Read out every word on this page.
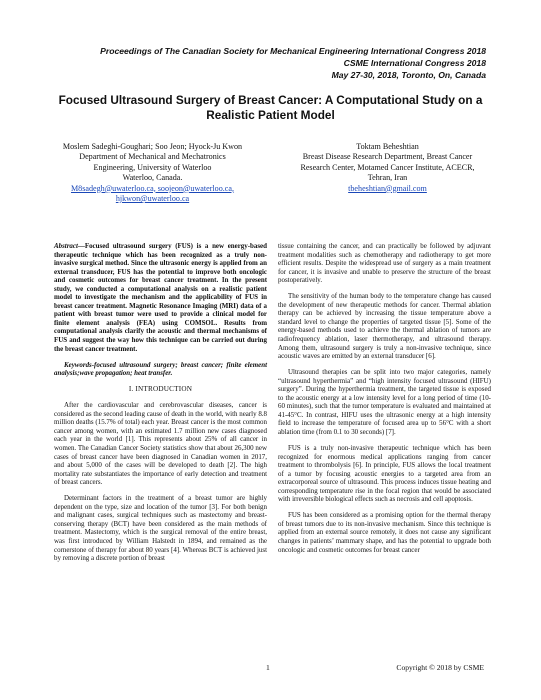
Proceedings of The Canadian Society for Mechanical Engineering International Congress 2018
CSME International Congress 2018
May 27-30, 2018, Toronto, On, Canada
Focused Ultrasound Surgery of Breast Cancer: A Computational Study on a Realistic Patient Model
Moslem Sadeghi-Goughari; Soo Jeon; Hyock-Ju Kwon
Department of Mechanical and Mechatronics
Engineering, University of Waterloo
Waterloo, Canada.
M8sadegh@uwaterloo.ca, soojeon@uwaterloo.ca,
hjkwon@uwaterloo.ca
Toktam Beheshtian
Breast Disease Research Department, Breast Cancer
Research Center, Motamed Cancer Institute, ACECR,
Tehran, Iran
tbeheshtian@gmail.com

Abstract—Focused ultrasound surgery (FUS) is a new energy-based therapeutic technique which has been recognized as a truly non-invasive surgical method. Since the ultrasonic energy is applied from an external transducer, FUS has the potential to improve both oncologic and cosmetic outcomes for breast cancer treatment. In the present study, we conducted a computational analysis on a realistic patient model to investigate the mechanism and the applicability of FUS in breast cancer treatment. Magnetic Resonance Imaging (MRI) data of a patient with breast tumor were used to provide a clinical model for finite element analysis (FEA) using COMSOL. Results from computational analysis clarify the acoustic and thermal mechanisms of FUS and suggest the way how this technique can be carried out during the breast cancer treatment.

Keywords-focused ultrasound surgery; breast cancer; finite element analysis;wave propagation; heat transfer.

I. INTRODUCTION

After the cardiovascular and cerebrovascular diseases, cancer is considered as the second leading cause of death in the world, with nearly 8.8 million deaths (15.7% of total) each year. Breast cancer is the most common cancer among women, with an estimated 1.7 million new cases diagnosed each year in the world [1]. This represents about 25% of all cancer in women. The Canadian Cancer Society statistics show that about 26,300 new cases of breast cancer have been diagnosed in Canadian women in 2017, and about 5,000 of the cases will be developed to death [2]. The high mortality rate substantiates the importance of early detection and treatment of breast cancers.

Determinant factors in the treatment of a breast tumor are highly dependent on the type, size and location of the tumor [3]. For both benign and malignant cases, surgical techniques such as mastectomy and breast-conserving therapy (BCT) have been considered as the main methods of treatment. Mastectomy, which is the surgical removal of the entire breast, was first introduced by William Halstedt in 1894, and remained as the cornerstone of therapy for about 80 years [4]. Whereas BCT is achieved just by removing a discrete portion of breast

tissue containing the cancer, and can practically be followed by adjuvant treatment modalities such as chemotherapy and radiotherapy to get more efficient results. Despite the widespread use of surgery as a main treatment for cancer, it is invasive and unable to preserve the structure of the breast postoperatively.

The sensitivity of the human body to the temperature change has caused the development of new therapeutic methods for cancer. Thermal ablation therapy can be achieved by increasing the tissue temperature above a standard level to change the properties of targeted tissue [5]. Some of the energy-based methods used to achieve the thermal ablation of tumors are radiofrequency ablation, laser thermotherapy, and ultrasound therapy. Among them, ultrasound surgery is truly a non-invasive technique, since acoustic waves are emitted by an external transducer [6].

Ultrasound therapies can be split into two major categories, namely “ultrasound hyperthermia” and “high intensity focused ultrasound (HIFU) surgery”. During the hyperthermia treatment, the targeted tissue is exposed to the acoustic energy at a low intensity level for a long period of time (10-60 minutes), such that the tumor temperature is evaluated and maintained at 41-45°C. In contrast, HIFU uses the ultrasonic energy at a high intensity field to increase the temperature of focused area up to 56°C with a short ablation time (from 0.1 to 30 seconds) [7].

FUS is a truly non-invasive therapeutic technique which has been recognized for enormous medical applications ranging from cancer treatment to thrombolysis [6]. In principle, FUS allows the local treatment of a tumor by focusing acoustic energies to a targeted area from an extracorporeal source of ultrasound. This process induces tissue heating and corresponding temperature rise in the focal region that would be associated with irreversible biological effects such as necrosis and cell apoptosis.

FUS has been considered as a promising option for the thermal therapy of breast tumors due to its non-invasive mechanism. Since this technique is applied from an external source remotely, it does not cause any significant changes in patients’ mammary shape, and has the potential to upgrade both oncologic and cosmetic outcomes for breast cancer

1	Copyright © 2018 by CSME
